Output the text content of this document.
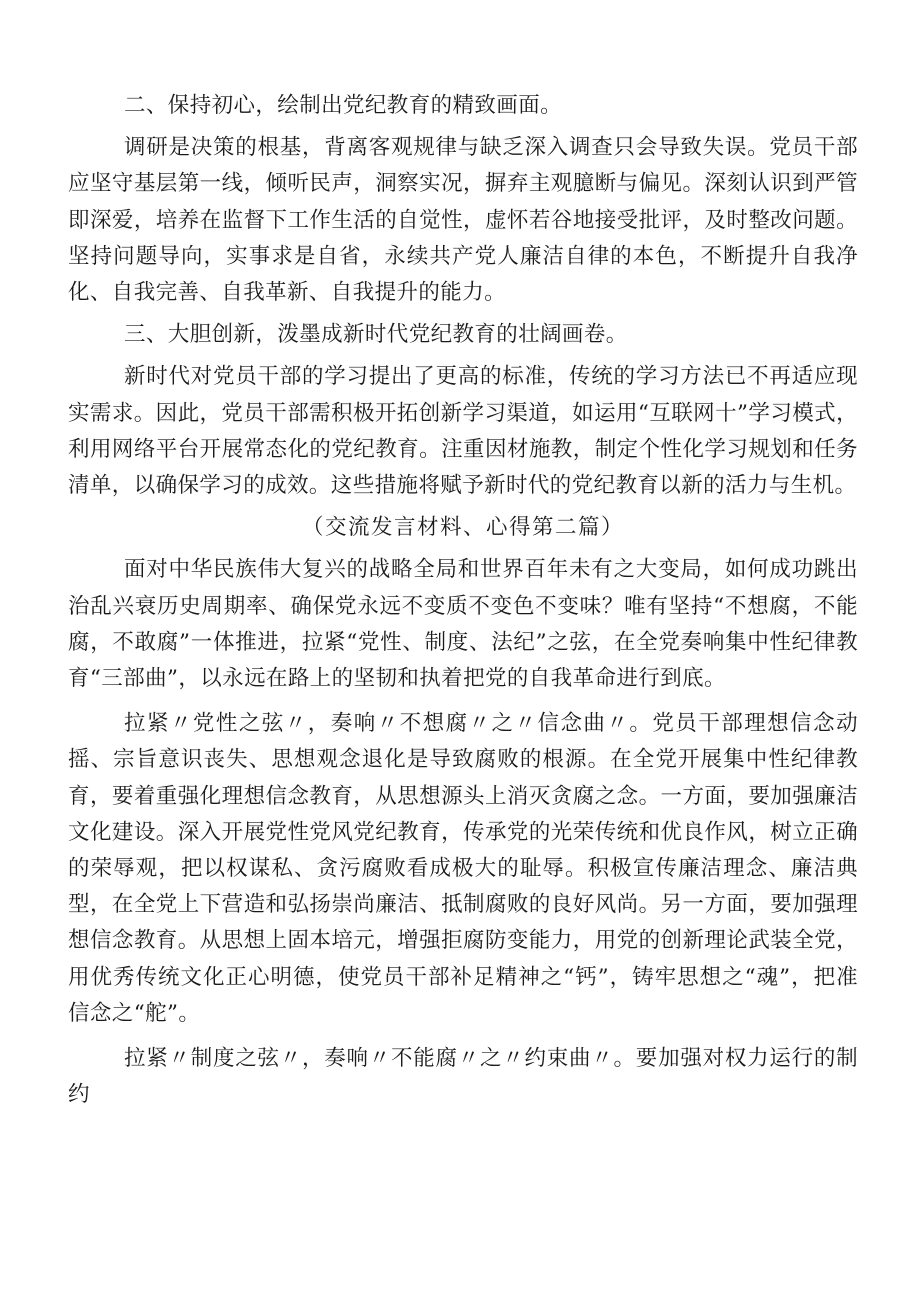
二、保持初心，绘制出党纪教育的精致画面。

调研是决策的根基，背离客观规律与缺乏深入调查只会导致失误。党员干部应坚守基层第一线，倾听民声，洞察实况，摒弃主观臆断与偏见。深刻认识到严管即深爱，培养在监督下工作生活的自觉性，虚怀若谷地接受批评，及时整改问题。坚持问题导向，实事求是自省，永续共产党人廉洁自律的本色，不断提升自我净化、自我完善、自我革新、自我提升的能力。

三、大胆创新，泼墨成新时代党纪教育的壮阔画卷。

新时代对党员干部的学习提出了更高的标准，传统的学习方法已不再适应现实需求。因此，党员干部需积极开拓创新学习渠道，如运用“互联网十”学习模式，利用网络平台开展常态化的党纪教育。注重因材施教，制定个性化学习规划和任务清单，以确保学习的成效。这些措施将赋予新时代的党纪教育以新的活力与生机。

（交流发言材料、心得第二篇）

面对中华民族伟大复兴的战略全局和世界百年未有之大变局，如何成功跳出治乱兴衰历史周期率、确保党永远不变质不变色不变味？唯有坚持“不想腐，不能腐，不敢腐”一体推进，拉紧“党性、制度、法纪”之弦，在全党奏响集中性纪律教育“三部曲”，以永远在路上的坚韧和执着把党的自我革命进行到底。

拉紧〃党性之弦〃，奏响〃不想腐〃之〃信念曲〃。党员干部理想信念动摇、宗旨意识丧失、思想观念退化是导致腐败的根源。在全党开展集中性纪律教育，要着重强化理想信念教育，从思想源头上消灭贪腐之念。一方面，要加强廉洁文化建设。深入开展党性党风党纪教育，传承党的光荣传统和优良作风，树立正确的荣辱观，把以权谋私、贪污腐败看成极大的耻辱。积极宣传廉洁理念、廉洁典型，在全党上下营造和弘扬崇尚廉洁、抵制腐败的良好风尚。另一方面，要加强理想信念教育。从思想上固本培元，增强拒腐防变能力，用党的创新理论武装全党，用优秀传统文化正心明德，使党员干部补足精神之“钙”，铸牢思想之“魂”，把准信念之“舵”。

拉紧〃制度之弦〃，奏响〃不能腐〃之〃约束曲〃。要加强对权力运行的制约
